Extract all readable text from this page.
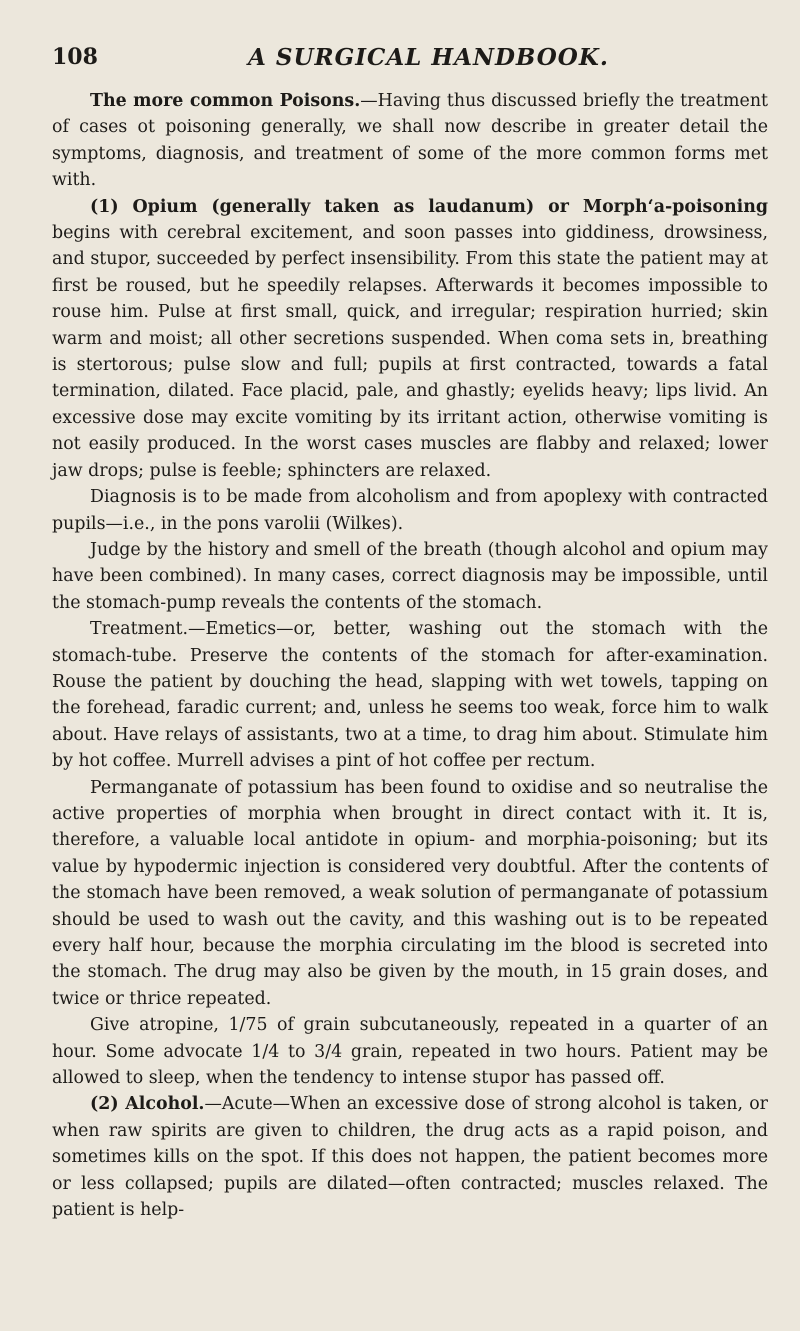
108	A SURGICAL HANDBOOK.

The more common Poisons.—Having thus discussed briefly the treatment of cases ot poisoning generally, we shall now describe in greater detail the symptoms, diagnosis, and treatment of some of the more common forms met with.

(1) Opium (generally taken as laudanum) or Morph‘a-poisoning begins with cerebral excitement, and soon passes into giddiness, drowsiness, and stupor, succeeded by perfect insensibility. From this state the patient may at first be roused, but he speedily relapses. Afterwards it becomes impossible to rouse him. Pulse at first small, quick, and irregular; respiration hurried; skin warm and moist; all other secretions suspended. When coma sets in, breathing is stertorous; pulse slow and full; pupils at first contracted, towards a fatal termination, dilated. Face placid, pale, and ghastly; eyelids heavy; lips livid. An excessive dose may excite vomiting by its irritant action, otherwise vomiting is not easily produced. In the worst cases muscles are flabby and relaxed; lower jaw drops; pulse is feeble; sphincters are relaxed.

Diagnosis is to be made from alcoholism and from apoplexy with contracted pupils—i.e., in the pons varolii (Wilkes).

Judge by the history and smell of the breath (though alcohol and opium may have been combined). In many cases, correct diagnosis may be impossible, until the stomach-pump reveals the contents of the stomach.

Treatment.—Emetics—or, better, washing out the stomach with the stomach-tube. Preserve the contents of the stomach for after-examination. Rouse the patient by douching the head, slapping with wet towels, tapping on the forehead, faradic current; and, unless he seems too weak, force him to walk about. Have relays of assistants, two at a time, to drag him about. Stimulate him by hot coffee. Murrell advises a pint of hot coffee per rectum.

Permanganate of potassium has been found to oxidise and so neutralise the active properties of morphia when brought in direct contact with it. It is, therefore, a valuable local antidote in opium- and morphia-poisoning; but its value by hypodermic injection is considered very doubtful. After the contents of the stomach have been removed, a weak solution of permanganate of potassium should be used to wash out the cavity, and this washing out is to be repeated every half hour, because the morphia circulating im the blood is secreted into the stomach. The drug may also be given by the mouth, in 15 grain doses, and twice or thrice repeated.

Give atropine, 1/75 of grain subcutaneously, repeated in a quarter of an hour. Some advocate 1/4 to 3/4 grain, repeated in two hours. Patient may be allowed to sleep, when the tendency to intense stupor has passed off.

(2) Alcohol.—Acute—When an excessive dose of strong alcohol is taken, or when raw spirits are given to children, the drug acts as a rapid poison, and sometimes kills on the spot. If this does not happen, the patient becomes more or less collapsed; pupils are dilated—often contracted; muscles relaxed. The patient is help-
